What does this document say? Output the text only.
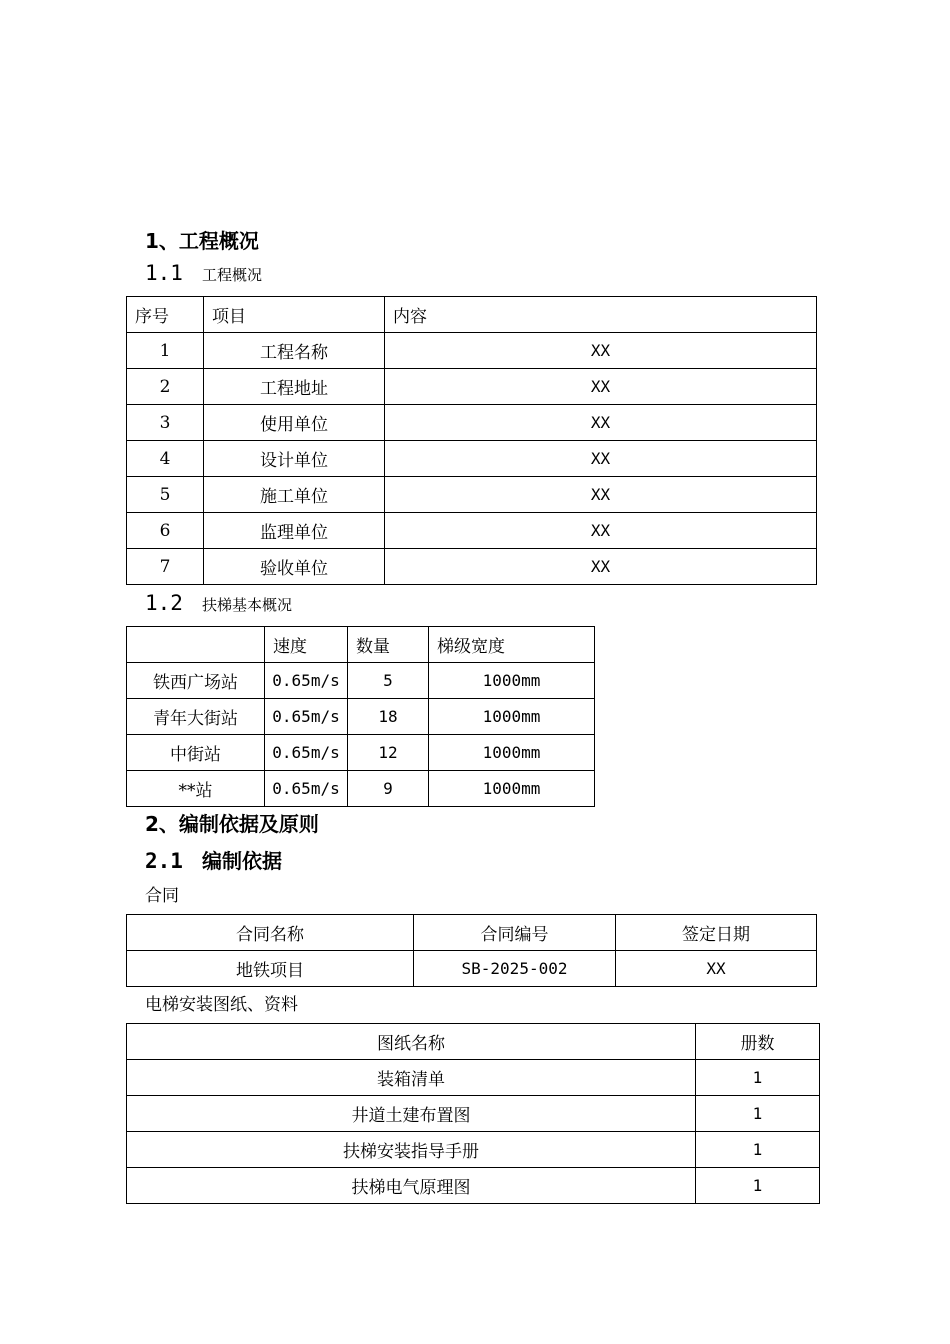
1、工程概况
1.1 工程概况
序号	项目	内容
1	工程名称	XX
2	工程地址	XX
3	使用单位	XX
4	设计单位	XX
5	施工单位	XX
6	监理单位	XX
7	验收单位	XX
1.2 扶梯基本概况
	速度	数量	梯级宽度
铁西广场站	0.65m/s	5	1000mm
青年大街站	0.65m/s	18	1000mm
中街站	0.65m/s	12	1000mm
**站	0.65m/s	9	1000mm
2、编制依据及原则
2.1 编制依据
合同
合同名称	合同编号	签定日期
地铁项目	SB-2025-002	XX
电梯安装图纸、资料
图纸名称	册数
装箱清单	1
井道土建布置图	1
扶梯安装指导手册	1
扶梯电气原理图	1
